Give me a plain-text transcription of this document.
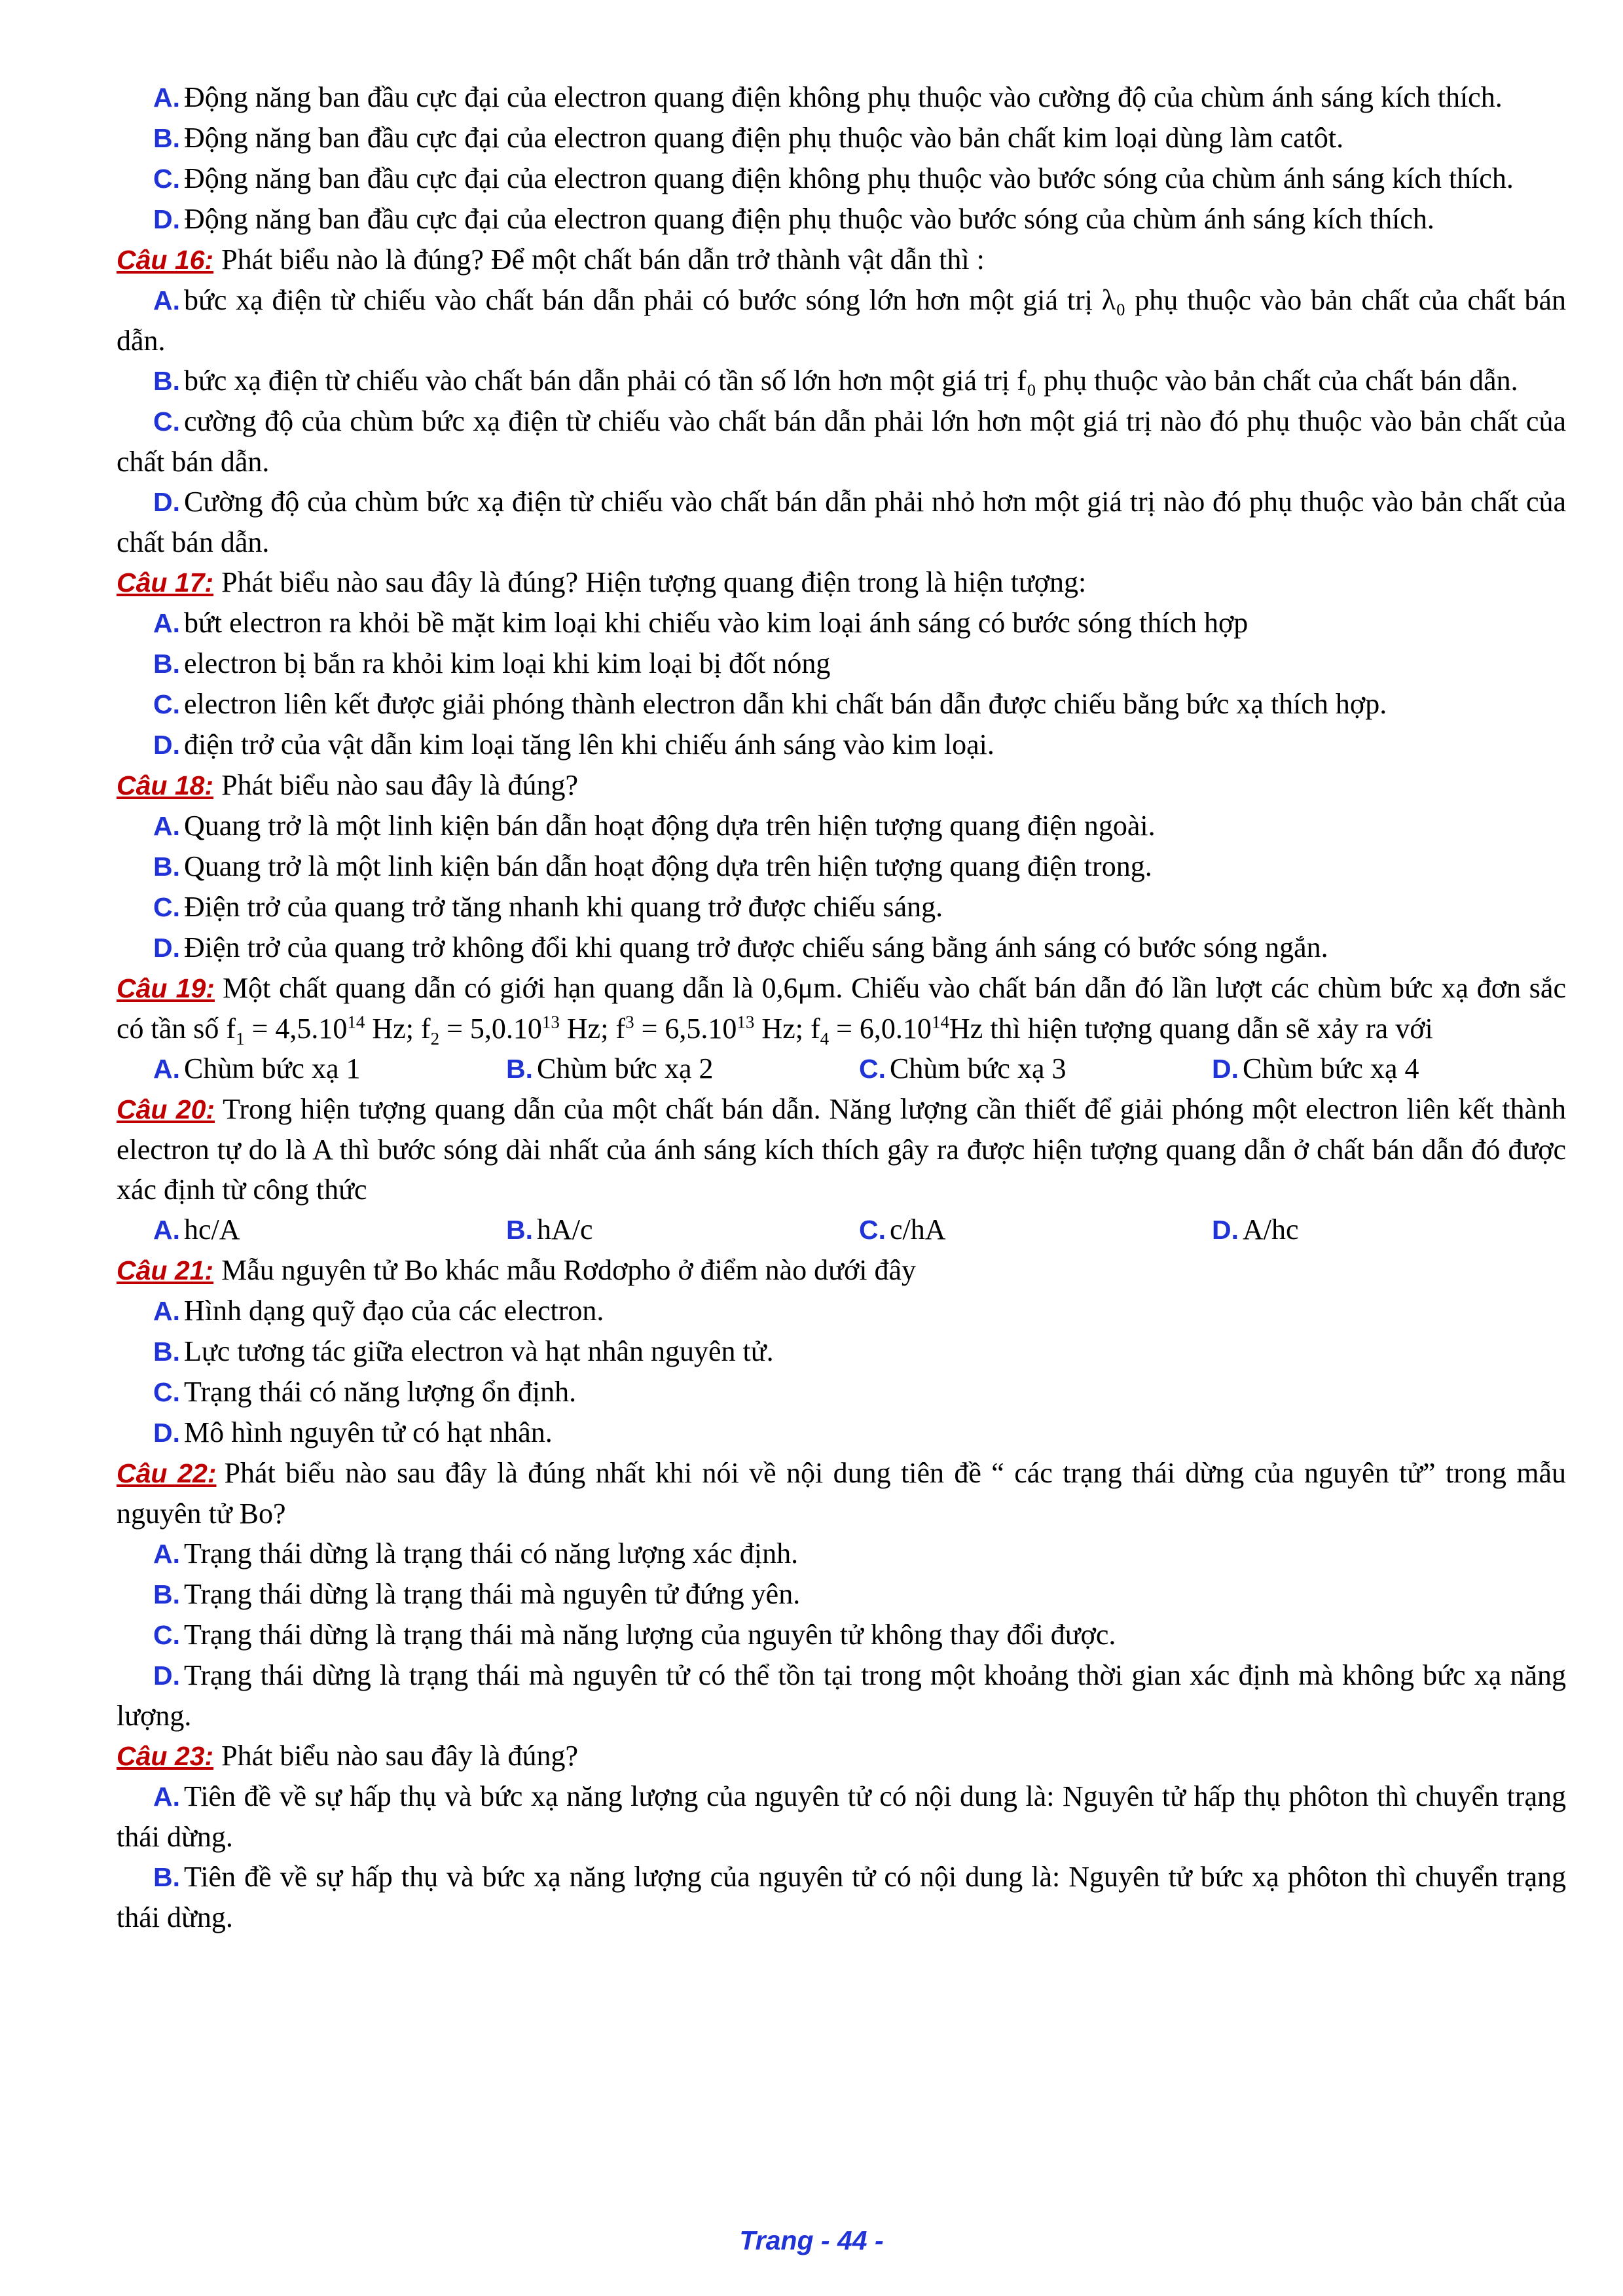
A. Động năng ban đầu cực đại của electron quang điện không phụ thuộc vào cường độ của chùm ánh sáng kích thích.

B. Động năng ban đầu cực đại của electron quang điện phụ thuộc vào bản chất kim loại dùng làm catôt.

C. Động năng ban đầu cực đại của electron quang điện không phụ thuộc vào bước sóng của chùm ánh sáng kích thích.

D. Động năng ban đầu cực đại của electron quang điện phụ thuộc vào bước sóng của chùm ánh sáng kích thích.

Câu 16: Phát biểu nào là đúng? Để một chất bán dẫn trở thành vật dẫn thì :

A. bức xạ điện từ chiếu vào chất bán dẫn phải có bước sóng lớn hơn một giá trị λ₀ phụ thuộc vào bản chất của chất bán dẫn.

B. bức xạ điện từ chiếu vào chất bán dẫn phải có tần số lớn hơn một giá trị f₀ phụ thuộc vào bản chất của chất bán dẫn.

C. cường độ của chùm bức xạ điện từ chiếu vào chất bán dẫn phải lớn hơn một giá trị nào đó phụ thuộc vào bản chất của chất bán dẫn.

D. Cường độ của chùm bức xạ điện từ chiếu vào chất bán dẫn phải nhỏ hơn một giá trị nào đó phụ thuộc vào bản chất của chất bán dẫn.

Câu 17: Phát biểu nào sau đây là đúng? Hiện tượng quang điện trong là hiện tượng:

A. bứt electron ra khỏi bề mặt kim loại khi chiếu vào kim loại ánh sáng có bước sóng thích hợp

B. electron bị bắn ra khỏi kim loại khi kim loại bị đốt nóng

C. electron liên kết được giải phóng thành electron dẫn khi chất bán dẫn được chiếu bằng bức xạ thích hợp.

D. điện trở của vật dẫn kim loại tăng lên khi chiếu ánh sáng vào kim loại.

Câu 18: Phát biểu nào sau đây là đúng?

A. Quang trở là một linh kiện bán dẫn hoạt động dựa trên hiện tượng quang điện ngoài.

B. Quang trở là một linh kiện bán dẫn hoạt động dựa trên hiện tượng quang điện trong.

C. Điện trở của quang trở tăng nhanh khi quang trở được chiếu sáng.

D. Điện trở của quang trở không đổi khi quang trở được chiếu sáng bằng ánh sáng có bước sóng ngắn.

Câu 19: Một chất quang dẫn có giới hạn quang dẫn là 0,6μm. Chiếu vào chất bán dẫn đó lần lượt các chùm bức xạ đơn sắc có tần số $f_1 = 4,5.10^{14}$ Hz; $f_2 = 5,0.10^{13}$ Hz; $f^3 = 6,5.10^{13}$ Hz; $f_4 = 6,0.10^{14}Hz$ thì hiện tượng quang dẫn sẽ xảy ra với

A. Chùm bức xạ 1	B. Chùm bức xạ 2	C. Chùm bức xạ 3	D. Chùm bức xạ 4

Câu 20: Trong hiện tượng quang dẫn của một chất bán dẫn. Năng lượng cần thiết để giải phóng một electron liên kết thành electron tự do là A thì bước sóng dài nhất của ánh sáng kích thích gây ra được hiện tượng quang dẫn ở chất bán dẫn đó được xác định từ công thức

A. hc/A	B. hA/c	C. c/hA	D. A/hc

Câu 21: Mẫu nguyên tử Bo khác mẫu Rơdơpho ở điểm nào dưới đây

A. Hình dạng quỹ đạo của các electron.

B. Lực tương tác giữa electron và hạt nhân nguyên tử.

C. Trạng thái có năng lượng ổn định.

D. Mô hình nguyên tử có hạt nhân.

Câu 22: Phát biểu nào sau đây là đúng nhất khi nói về nội dung tiên đề “ các trạng thái dừng của nguyên tử” trong mẫu nguyên tử Bo?

A. Trạng thái dừng là trạng thái có năng lượng xác định.

B. Trạng thái dừng là trạng thái mà nguyên tử đứng yên.

C. Trạng thái dừng là trạng thái mà năng lượng của nguyên tử không thay đổi được.

D. Trạng thái dừng là trạng thái mà nguyên tử có thể tồn tại trong một khoảng thời gian xác định mà không bức xạ năng lượng.

Câu 23: Phát biểu nào sau đây là đúng?

A. Tiên đề về sự hấp thụ và bức xạ năng lượng của nguyên tử có nội dung là: Nguyên tử hấp thụ phôton thì chuyển trạng thái dừng.

B. Tiên đề về sự hấp thụ và bức xạ năng lượng của nguyên tử có nội dung là: Nguyên tử bức xạ phôton thì chuyển trạng thái dừng.

Trang - 44 -
